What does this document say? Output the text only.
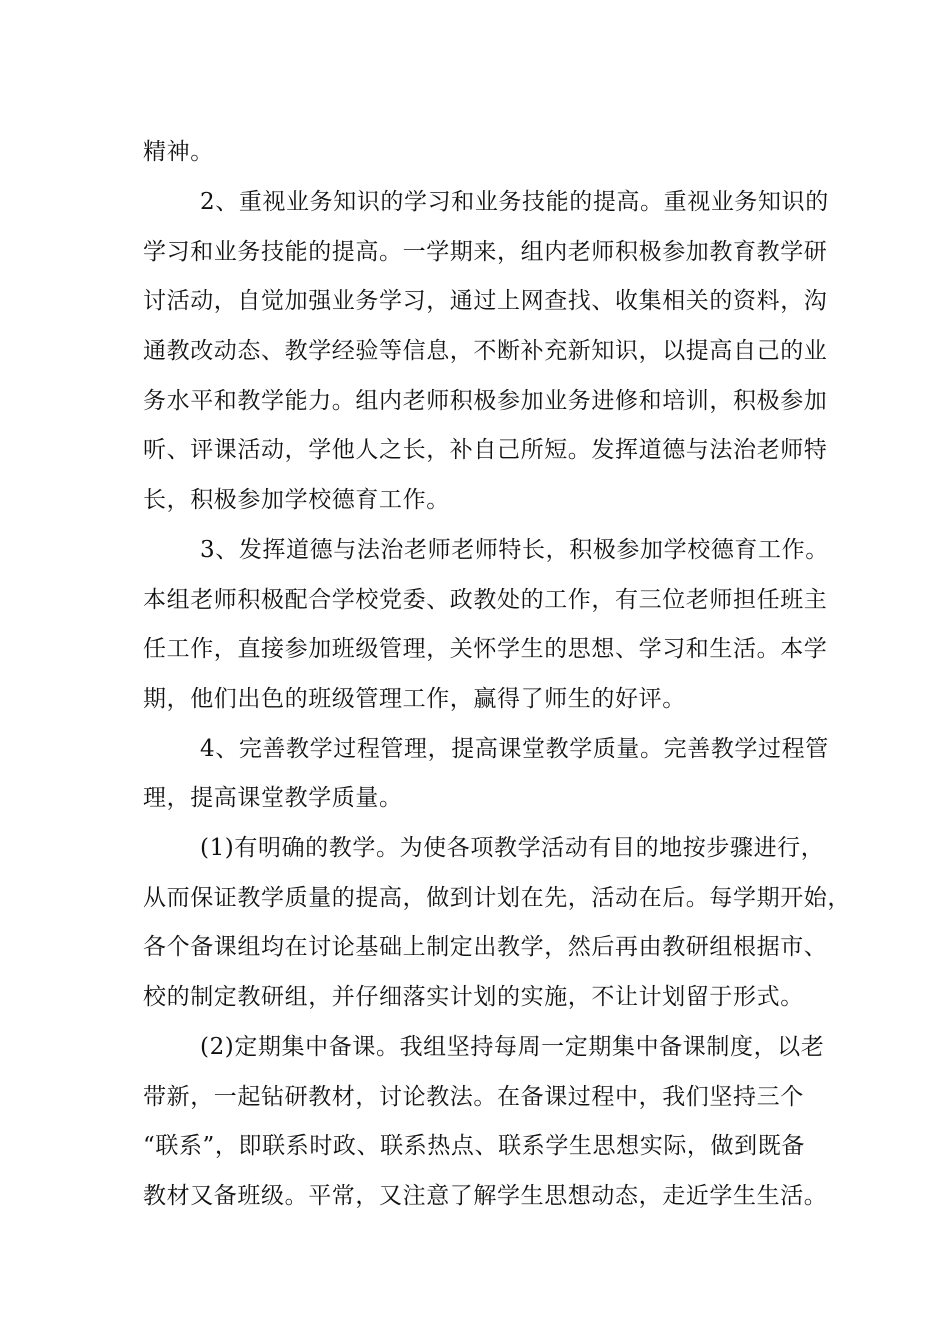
精神。
2、重视业务知识的学习和业务技能的提高。重视业务知识的
学习和业务技能的提高。一学期来，组内老师积极参加教育教学研
讨活动，自觉加强业务学习，通过上网查找、收集相关的资料，沟
通教改动态、教学经验等信息，不断补充新知识，以提高自己的业
务水平和教学能力。组内老师积极参加业务进修和培训，积极参加
听、评课活动，学他人之长，补自己所短。发挥道德与法治老师特
长，积极参加学校德育工作。
3、发挥道德与法治老师老师特长，积极参加学校德育工作。
本组老师积极配合学校党委、政教处的工作，有三位老师担任班主
任工作，直接参加班级管理，关怀学生的思想、学习和生活。本学
期，他们出色的班级管理工作，赢得了师生的好评。
4、完善教学过程管理，提高课堂教学质量。完善教学过程管
理，提高课堂教学质量。
(1)有明确的教学。为使各项教学活动有目的地按步骤进行，
从而保证教学质量的提高，做到计划在先，活动在后。每学期开始，
各个备课组均在讨论基础上制定出教学，然后再由教研组根据市、
校的制定教研组，并仔细落实计划的实施，不让计划留于形式。
(2)定期集中备课。我组坚持每周一定期集中备课制度，以老
带新，一起钻研教材，讨论教法。在备课过程中，我们坚持三个
“联系”，即联系时政、联系热点、联系学生思想实际，做到既备
教材又备班级。平常，又注意了解学生思想动态，走近学生生活。
